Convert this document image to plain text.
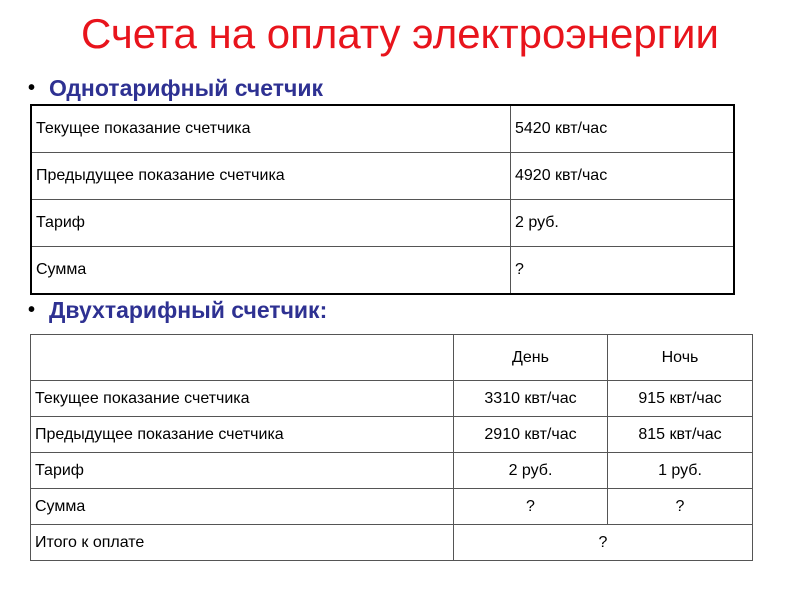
Счета на оплату электроэнергии
• Однотарифный счетчик
Текущее показание счетчика	5420 квт/час
Предыдущее показание счетчика	4920 квт/час
Тариф	2 руб.
Сумма	?
• Двухтарифный счетчик:
	День	Ночь
Текущее показание счетчика	3310 квт/час	915 квт/час
Предыдущее показание счетчика	2910 квт/час	815 квт/час
Тариф	2 руб.	1 руб.
Сумма	?	?
Итого к оплате	?	
